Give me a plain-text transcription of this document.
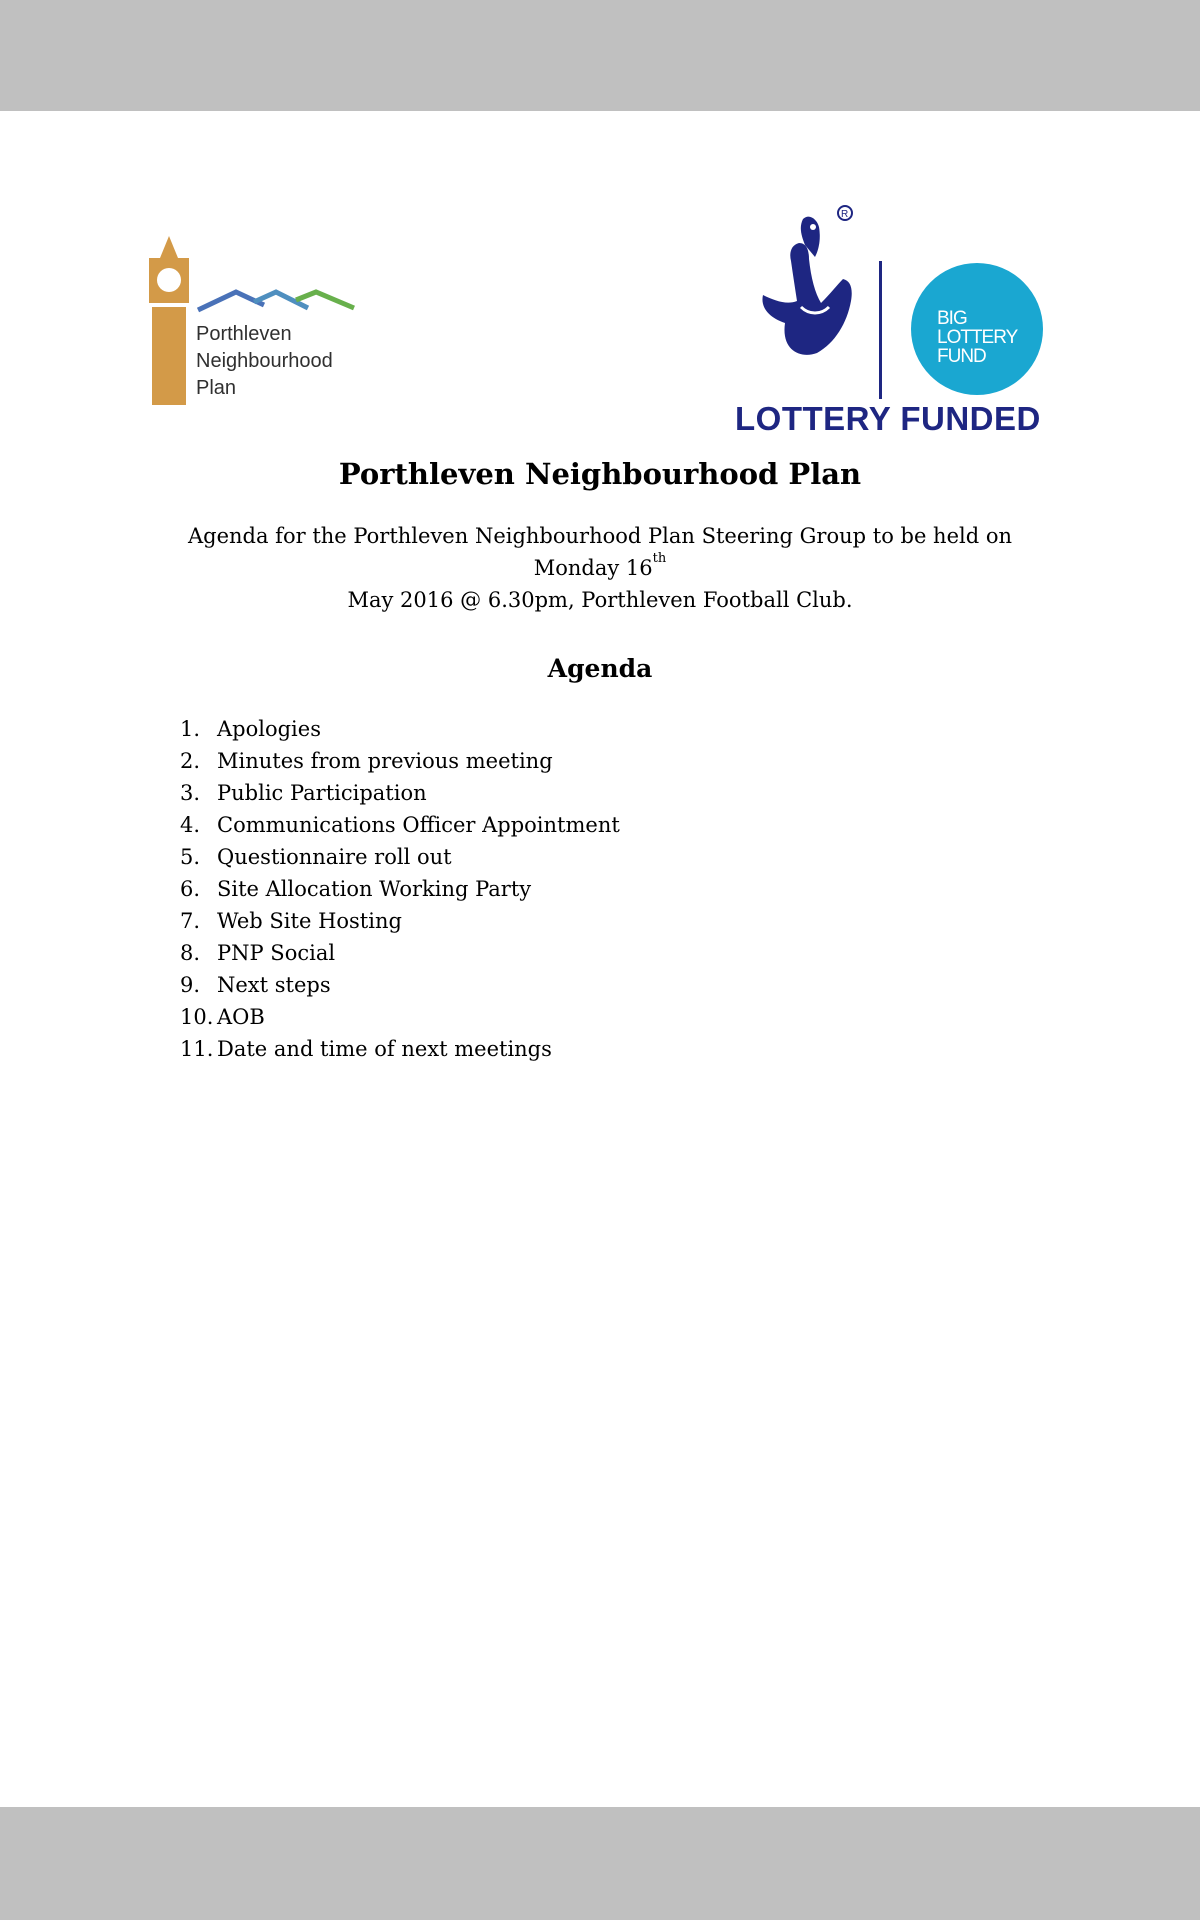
Porthleven
Neighbourhood
Plan
R
BIG
LOTTERY
FUND
LOTTERY FUNDED
Porthleven Neighbourhood Plan

Agenda for the Porthleven Neighbourhood Plan Steering Group to be held on Monday 16th
May 2016 @ 6.30pm, Porthleven Football Club.

Agenda
1. Apologies
2. Minutes from previous meeting
3. Public Participation
4. Communications Officer Appointment
5. Questionnaire roll out
6. Site Allocation Working Party
7. Web Site Hosting
8. PNP Social
9. Next steps
10. AOB
11. Date and time of next meetings
